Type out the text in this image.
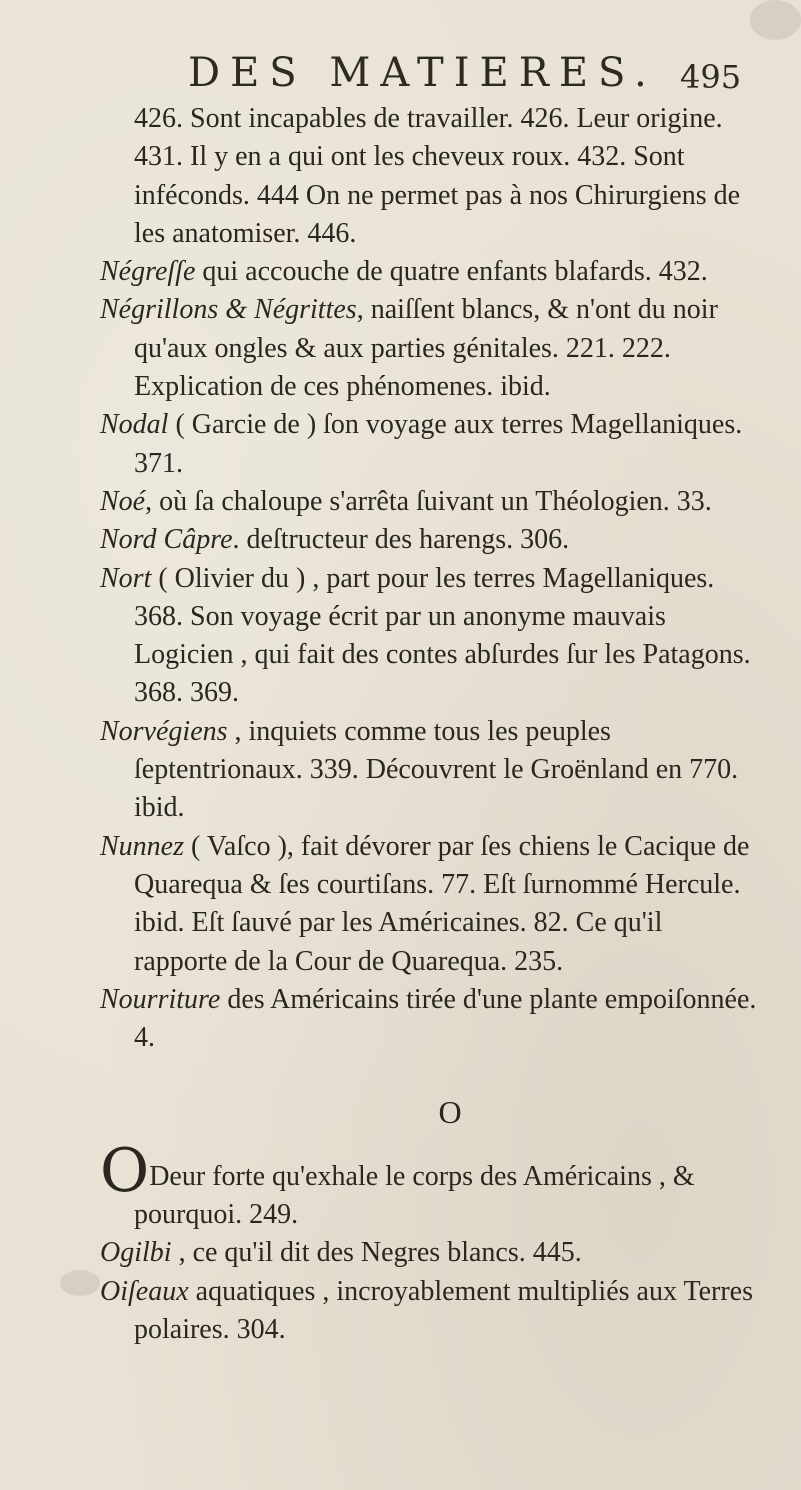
DES MATIERES. 495

426. Sont incapables de travailler. 426. Leur origine. 431. Il y en a qui ont les cheveux roux. 432. Sont inféconds. 444 On ne permet pas à nos Chirurgiens de les anatomiser. 446.

Négreſſe qui accouche de quatre enfants blafards. 432.

Négrillons & Négrittes, naiſſent blancs, & n'ont du noir qu'aux ongles & aux parties génitales. 221. 222. Explication de ces phénomenes. ibid.

Nodal ( Garcie de ) ſon voyage aux terres Magellaniques. 371.

Noé, où ſa chaloupe s'arrêta ſuivant un Théologien. 33.

Nord Câpre. deſtructeur des harengs. 306.

Nort ( Olivier du ) , part pour les terres Magellaniques. 368. Son voyage écrit par un anonyme mauvais Logicien , qui fait des contes abſurdes ſur les Patagons. 368. 369.

Norvégiens , inquiets comme tous les peuples ſeptentrionaux. 339. Découvrent le Groënland en 770. ibid.

Nunnez ( Vaſco ), fait dévorer par ſes chiens le Cacique de Quarequa & ſes courtiſans. 77. Eſt ſurnommé Hercule. ibid. Eſt ſauvé par les Américaines. 82. Ce qu'il rapporte de la Cour de Quarequa. 235.

Nourriture des Américains tirée d'une plante empoiſonnée. 4.

O

ODeur forte qu'exhale le corps des Américains , & pourquoi. 249.

Ogilbi , ce qu'il dit des Negres blancs. 445.

Oiſeaux aquatiques , incroyablement multipliés aux Terres polaires. 304.
